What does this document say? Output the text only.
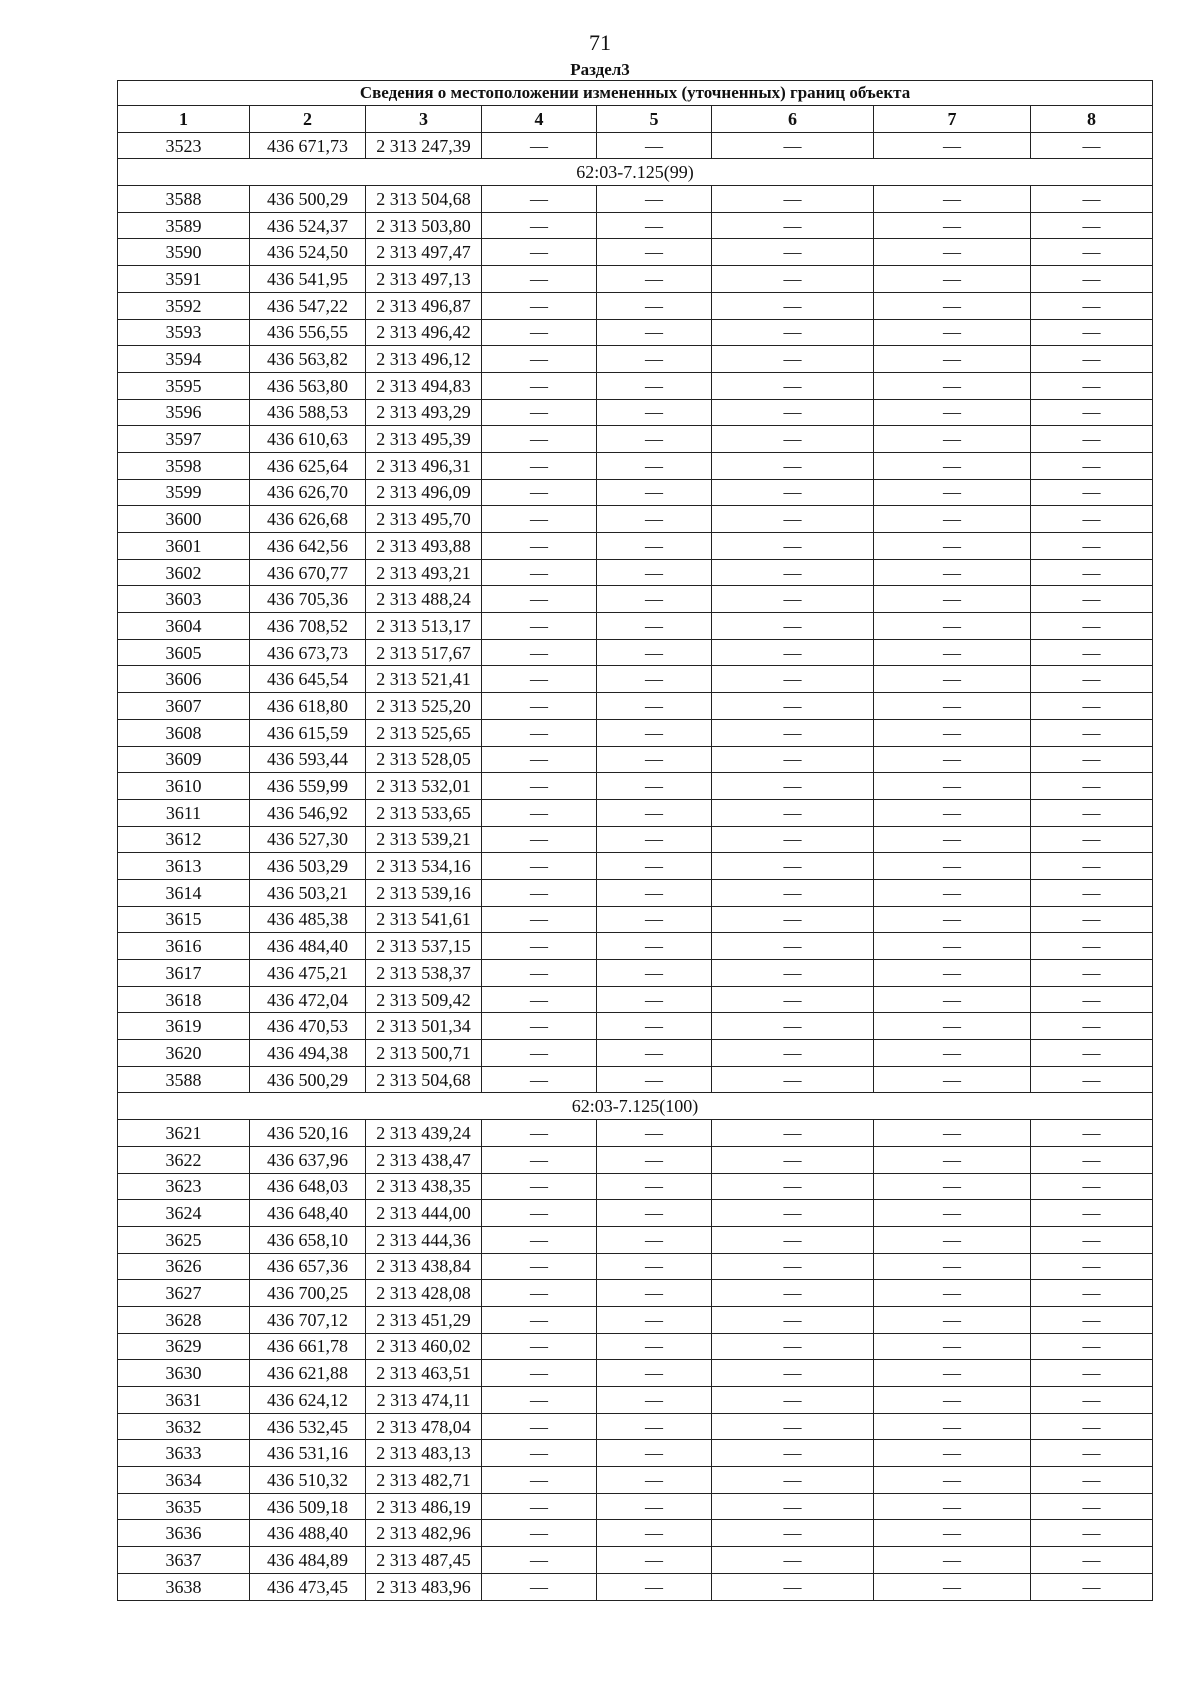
71
Раздел3
Сведения о местоположении измененных (уточненных) границ объекта							
1	2	3	4	5	6	7	8
3523	436 671,73	2 313 247,39	—	—	—	—	—
62:03-7.125(99)							
3588	436 500,29	2 313 504,68	—	—	—	—	—
3589	436 524,37	2 313 503,80	—	—	—	—	—
3590	436 524,50	2 313 497,47	—	—	—	—	—
3591	436 541,95	2 313 497,13	—	—	—	—	—
3592	436 547,22	2 313 496,87	—	—	—	—	—
3593	436 556,55	2 313 496,42	—	—	—	—	—
3594	436 563,82	2 313 496,12	—	—	—	—	—
3595	436 563,80	2 313 494,83	—	—	—	—	—
3596	436 588,53	2 313 493,29	—	—	—	—	—
3597	436 610,63	2 313 495,39	—	—	—	—	—
3598	436 625,64	2 313 496,31	—	—	—	—	—
3599	436 626,70	2 313 496,09	—	—	—	—	—
3600	436 626,68	2 313 495,70	—	—	—	—	—
3601	436 642,56	2 313 493,88	—	—	—	—	—
3602	436 670,77	2 313 493,21	—	—	—	—	—
3603	436 705,36	2 313 488,24	—	—	—	—	—
3604	436 708,52	2 313 513,17	—	—	—	—	—
3605	436 673,73	2 313 517,67	—	—	—	—	—
3606	436 645,54	2 313 521,41	—	—	—	—	—
3607	436 618,80	2 313 525,20	—	—	—	—	—
3608	436 615,59	2 313 525,65	—	—	—	—	—
3609	436 593,44	2 313 528,05	—	—	—	—	—
3610	436 559,99	2 313 532,01	—	—	—	—	—
3611	436 546,92	2 313 533,65	—	—	—	—	—
3612	436 527,30	2 313 539,21	—	—	—	—	—
3613	436 503,29	2 313 534,16	—	—	—	—	—
3614	436 503,21	2 313 539,16	—	—	—	—	—
3615	436 485,38	2 313 541,61	—	—	—	—	—
3616	436 484,40	2 313 537,15	—	—	—	—	—
3617	436 475,21	2 313 538,37	—	—	—	—	—
3618	436 472,04	2 313 509,42	—	—	—	—	—
3619	436 470,53	2 313 501,34	—	—	—	—	—
3620	436 494,38	2 313 500,71	—	—	—	—	—
3588	436 500,29	2 313 504,68	—	—	—	—	—
62:03-7.125(100)							
3621	436 520,16	2 313 439,24	—	—	—	—	—
3622	436 637,96	2 313 438,47	—	—	—	—	—
3623	436 648,03	2 313 438,35	—	—	—	—	—
3624	436 648,40	2 313 444,00	—	—	—	—	—
3625	436 658,10	2 313 444,36	—	—	—	—	—
3626	436 657,36	2 313 438,84	—	—	—	—	—
3627	436 700,25	2 313 428,08	—	—	—	—	—
3628	436 707,12	2 313 451,29	—	—	—	—	—
3629	436 661,78	2 313 460,02	—	—	—	—	—
3630	436 621,88	2 313 463,51	—	—	—	—	—
3631	436 624,12	2 313 474,11	—	—	—	—	—
3632	436 532,45	2 313 478,04	—	—	—	—	—
3633	436 531,16	2 313 483,13	—	—	—	—	—
3634	436 510,32	2 313 482,71	—	—	—	—	—
3635	436 509,18	2 313 486,19	—	—	—	—	—
3636	436 488,40	2 313 482,96	—	—	—	—	—
3637	436 484,89	2 313 487,45	—	—	—	—	—
3638	436 473,45	2 313 483,96	—	—	—	—	—
